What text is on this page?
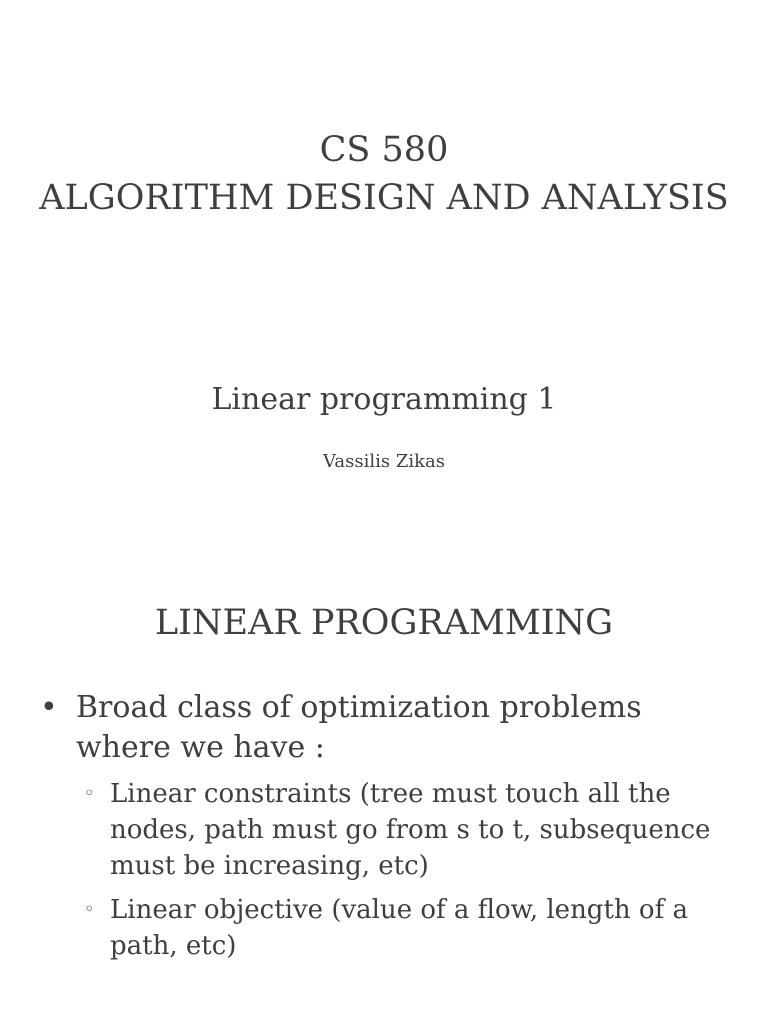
CS 580
ALGORITHM DESIGN AND ANALYSIS
Linear programming 1
Vassilis Zikas
LINEAR PROGRAMMING
• Broad class of optimization problems where we have :
◦ Linear constraints (tree must touch all the nodes, path must go from s to t, subsequence must be increasing, etc)
◦ Linear objective (value of a flow, length of a path, etc)
